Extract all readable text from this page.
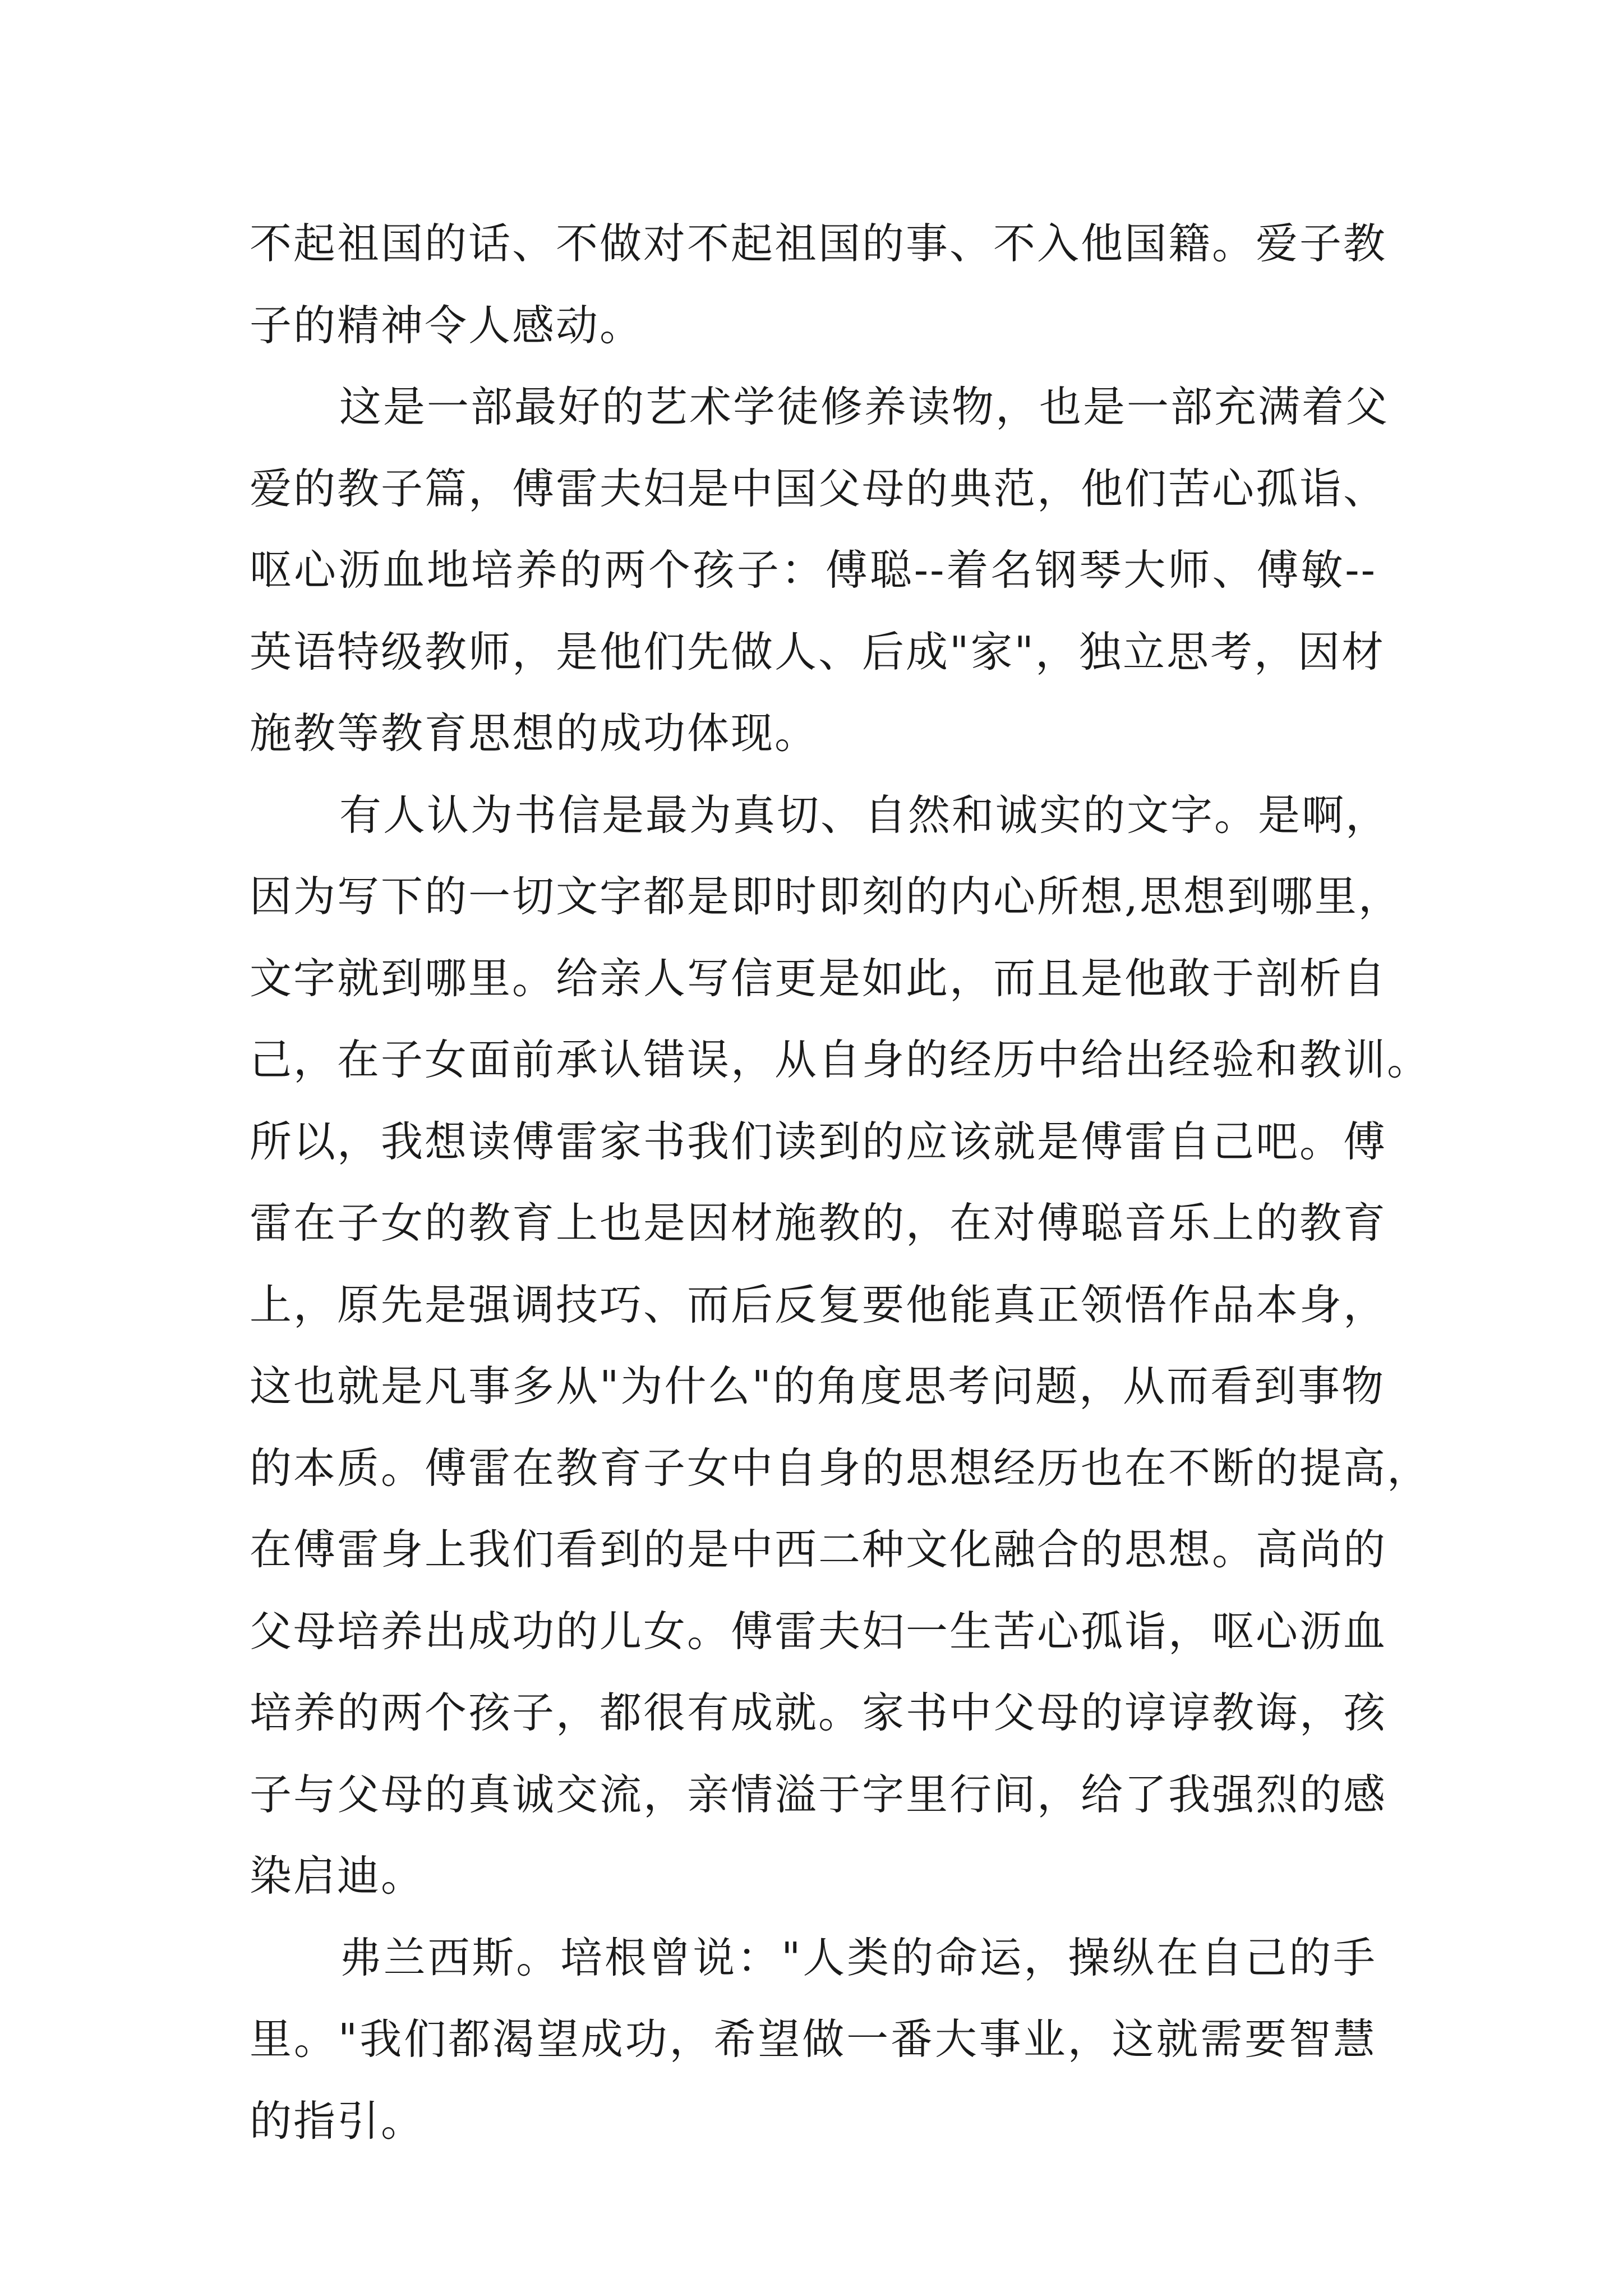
不起祖国的话、不做对不起祖国的事、不入他国籍。爱子教
子的精神令人感动。
这是一部最好的艺术学徒修养读物，也是一部充满着父
爱的教子篇，傅雷夫妇是中国父母的典范，他们苦心孤诣、
呕心沥血地培养的两个孩子：傅聪--着名钢琴大师、傅敏--
英语特级教师，是他们先做人、后成"家"，独立思考，因材
施教等教育思想的成功体现。
有人认为书信是最为真切、自然和诚实的文字。是啊，
因为写下的一切文字都是即时即刻的内心所想,思想到哪里，
文字就到哪里。给亲人写信更是如此，而且是他敢于剖析自
己，在子女面前承认错误，从自身的经历中给出经验和教训。
所以，我想读傅雷家书我们读到的应该就是傅雷自己吧。傅
雷在子女的教育上也是因材施教的，在对傅聪音乐上的教育
上，原先是强调技巧、而后反复要他能真正领悟作品本身，
这也就是凡事多从"为什么"的角度思考问题，从而看到事物
的本质。傅雷在教育子女中自身的思想经历也在不断的提高，
在傅雷身上我们看到的是中西二种文化融合的思想。高尚的
父母培养出成功的儿女。傅雷夫妇一生苦心孤诣，呕心沥血
培养的两个孩子，都很有成就。家书中父母的谆谆教诲，孩
子与父母的真诚交流，亲情溢于字里行间，给了我强烈的感
染启迪。
弗兰西斯。培根曾说："人类的命运，操纵在自己的手
里。"我们都渴望成功，希望做一番大事业，这就需要智慧
的指引。
